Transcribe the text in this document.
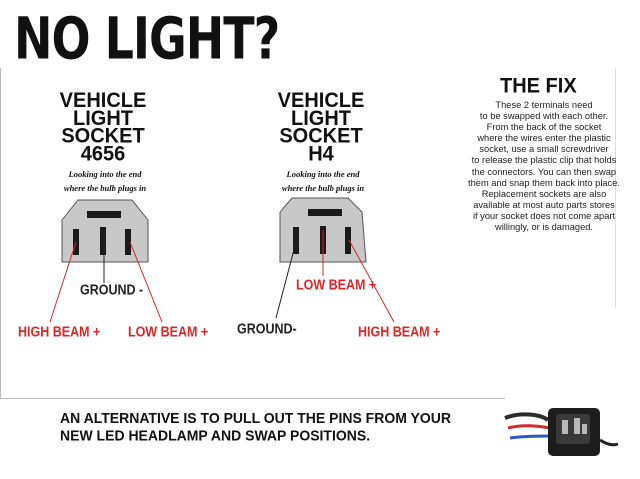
NO LIGHT?
VEHICLE
LIGHT
SOCKET
4656
Looking into the end
where the bulb plugs in
VEHICLE
LIGHT
SOCKET
H4
Looking into the end
where the bulb plugs in
GROUND -
HIGH BEAM + LOW BEAM +
LOW BEAM +
GROUND-	HIGH BEAM +
THE FIX
These 2 terminals need
to be swapped with each other.
From the back of the socket
where the wires enter the plastic
socket, use a small screwdriver
to release the plastic clip that holds
the connectors. You can then swap
them and snap them back into place.
Replacement sockets are also
available at most auto parts stores
if your socket does not come apart
willingly, or is damaged.
AN ALTERNATIVE IS TO PULL OUT THE PINS FROM YOUR
NEW LED HEADLAMP AND SWAP POSITIONS.
